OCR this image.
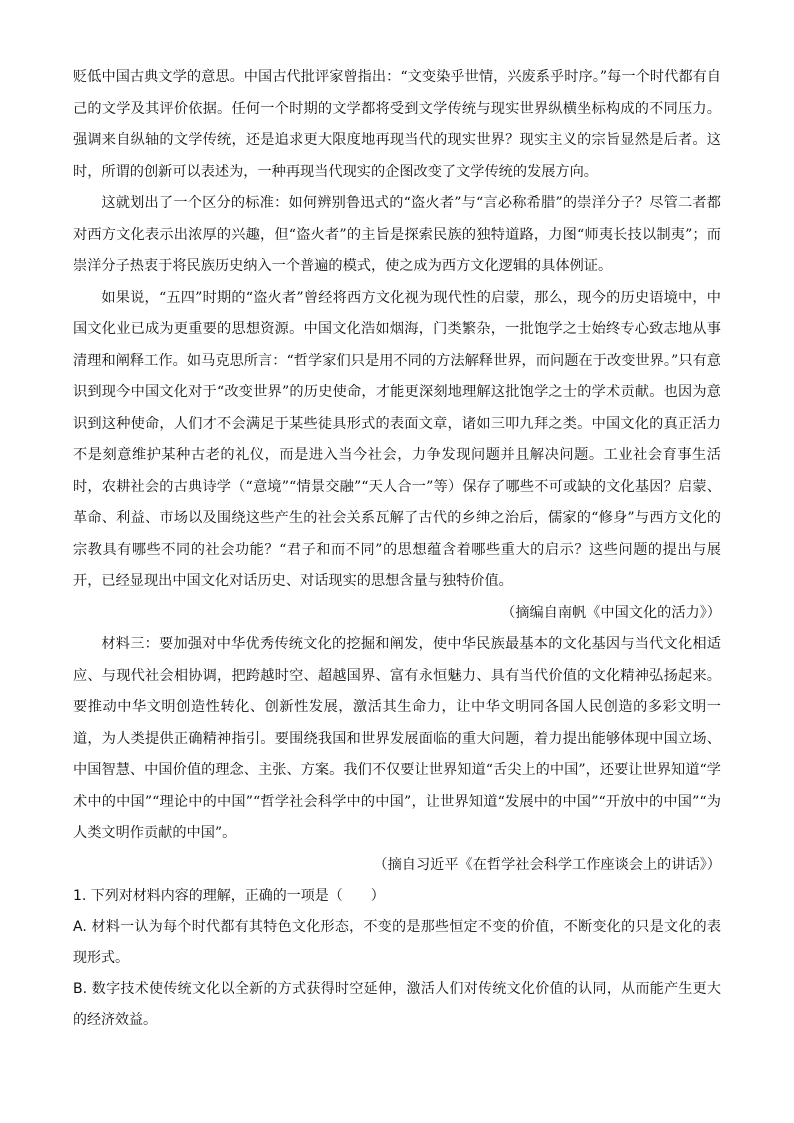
贬低中国古典文学的意思。中国古代批评家曾指出：“文变染乎世情，兴废系乎时序。”每一个时代都有自己的文学及其评价依据。任何一个时期的文学都将受到文学传统与现实世界纵横坐标构成的不同压力。强调来自纵轴的文学传统，还是追求更大限度地再现当代的现实世界？现实主义的宗旨显然是后者。这时，所谓的创新可以表述为，一种再现当代现实的企图改变了文学传统的发展方向。

这就划出了一个区分的标准：如何辨别鲁迅式的“盗火者”与“言必称希腊”的崇洋分子？尽管二者都对西方文化表示出浓厚的兴趣，但“盗火者”的主旨是探索民族的独特道路，力图“师夷长技以制夷”；而崇洋分子热衷于将民族历史纳入一个普遍的模式，使之成为西方文化逻辑的具体例证。

如果说，“五四”时期的“盗火者”曾经将西方文化视为现代性的启蒙，那么，现今的历史语境中，中国文化业已成为更重要的思想资源。中国文化浩如烟海，门类繁杂，一批饱学之士始终专心致志地从事清理和阐释工作。如马克思所言：“哲学家们只是用不同的方法解释世界，而问题在于改变世界。”只有意识到现今中国文化对于“改变世界”的历史使命，才能更深刻地理解这批饱学之士的学术贡献。也因为意识到这种使命，人们才不会满足于某些徒具形式的表面文章，诸如三叩九拜之类。中国文化的真正活力不是刻意维护某种古老的礼仪，而是进入当今社会，力争发现问题并且解决问题。工业社会育事生活时，农耕社会的古典诗学（“意境”“情景交融”“天人合一”等）保存了哪些不可或缺的文化基因？启蒙、革命、利益、市场以及围绕这些产生的社会关系瓦解了古代的乡绅之治后，儒家的“修身”与西方文化的宗教具有哪些不同的社会功能？“君子和而不同”的思想蕴含着哪些重大的启示？这些问题的提出与展开，已经显现出中国文化对话历史、对话现实的思想含量与独特价值。

（摘编自南帆《中国文化的活力》）

材料三：要加强对中华优秀传统文化的挖掘和阐发，使中华民族最基本的文化基因与当代文化相适应、与现代社会相协调，把跨越时空、超越国界、富有永恒魅力、具有当代价值的文化精神弘扬起来。要推动中华文明创造性转化、创新性发展，激活其生命力，让中华文明同各国人民创造的多彩文明一道，为人类提供正确精神指引。要围绕我国和世界发展面临的重大问题，着力提出能够体现中国立场、中国智慧、中国价值的理念、主张、方案。我们不仅要让世界知道“舌尖上的中国”，还要让世界知道“学术中的中国”“理论中的中国”“哲学社会科学中的中国”，让世界知道“发展中的中国”“开放中的中国”“为人类文明作贡献的中国”。

（摘自习近平《在哲学社会科学工作座谈会上的讲话》）

1. 下列对材料内容的理解，正确的一项是（　　）

A. 材料一认为每个时代都有其特色文化形态，不变的是那些恒定不变的价值，不断变化的只是文化的表现形式。

B. 数字技术使传统文化以全新的方式获得时空延伸，激活人们对传统文化价值的认同，从而能产生更大的经济效益。
